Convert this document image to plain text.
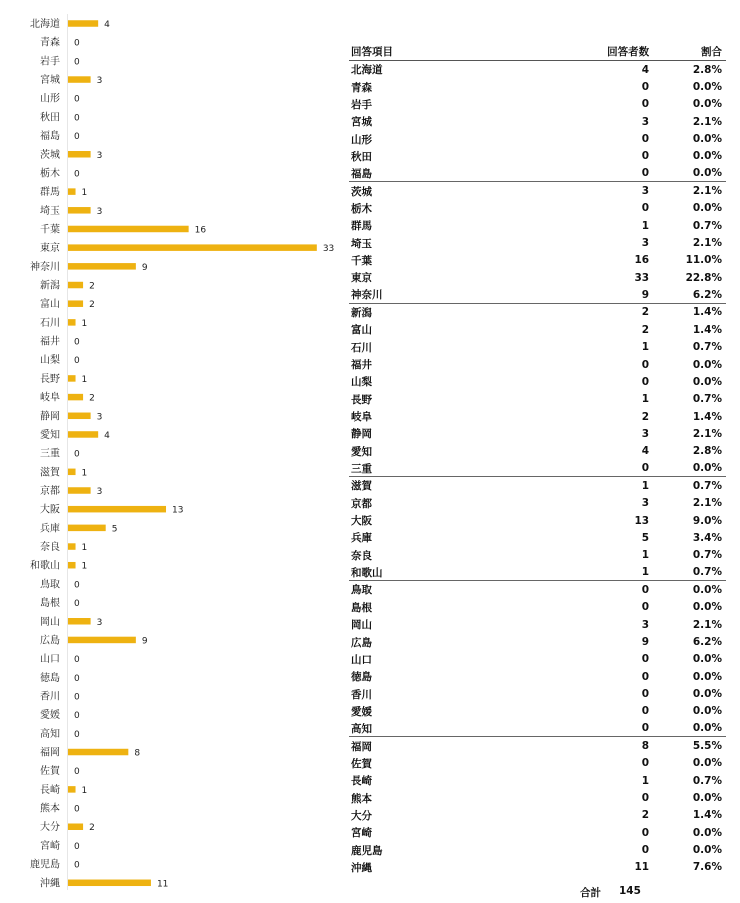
北海道	4
青森 0
岩手 0
宮城	3
山形 0
秋田 0
福島 0
茨城	3
栃木 0
群馬 1
埼玉	3
千葉	16
東京	33
神奈川	9
新潟	2
富山	2
石川 1
福井 0
山梨 0
長野 1
岐阜	2
静岡	3
愛知	4
三重 0
滋賀 1
京都	3
大阪	13
兵庫	5
奈良 1
和歌山 1
鳥取 0
島根 0
岡山	3
広島	9
山口 0
徳島 0
香川 0
愛媛 0
高知 0
福岡	8
佐賀 0
長崎 1
熊本 0
大分	2
宮崎 0
鹿児島 0
沖縄	11
回答項目	回答者数	割合
北海道	4	2.8%
青森	0	0.0%
岩手	0	0.0%
宮城	3	2.1%
山形	0	0.0%
秋田	0	0.0%
福島	0	0.0%
茨城	3	2.1%
栃木	0	0.0%
群馬	1	0.7%
埼玉	3	2.1%
千葉	16	11.0%
東京	33	22.8%
神奈川	9	6.2%
新潟	2	1.4%
富山	2	1.4%
石川	1	0.7%
福井	0	0.0%
山梨	0	0.0%
長野	1	0.7%
岐阜	2	1.4%
静岡	3	2.1%
愛知	4	2.8%
三重	0	0.0%
滋賀	1	0.7%
京都	3	2.1%
大阪	13	9.0%
兵庫	5	3.4%
奈良	1	0.7%
和歌山	1	0.7%
鳥取	0	0.0%
島根	0	0.0%
岡山	3	2.1%
広島	9	6.2%
山口	0	0.0%
徳島	0	0.0%
香川	0	0.0%
愛媛	0	0.0%
高知	0	0.0%
福岡	8	5.5%
佐賀	0	0.0%
長崎	1	0.7%
熊本	0	0.0%
大分	2	1.4%
宮崎	0	0.0%
鹿児島	0	0.0%
沖縄	11	7.6%
合計 145
